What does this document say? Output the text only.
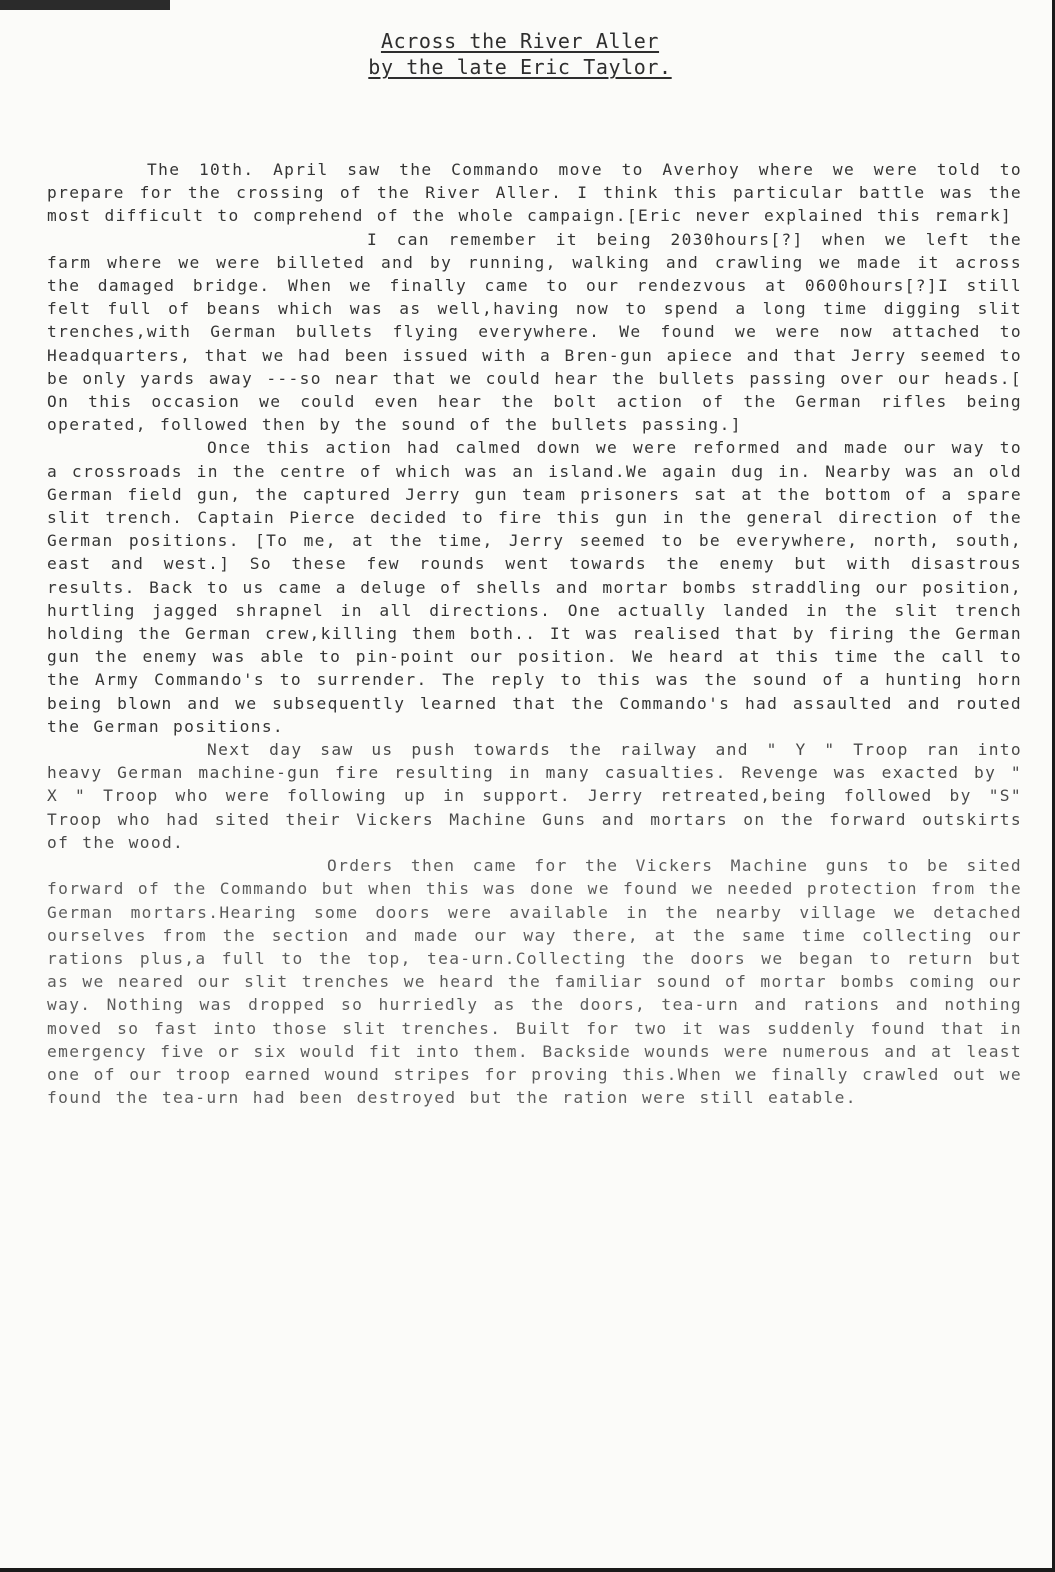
Across the River Aller
by the late Eric Taylor.

The 10th. April saw the Commando move to Averhoy where we were told to prepare for the crossing of the River Aller. I think this particular battle was the most difficult to comprehend of the whole campaign.[Eric never explained this remark]

I can remember it being 2030hours[?] when we left the farm where we were billeted and by running, walking and crawling we made it across the damaged bridge. When we finally came to our rendezvous at 0600hours[?]I still felt full of beans which was as well,having now to spend a long time digging slit trenches,with German bullets flying everywhere. We found we were now attached to Headquarters, that we had been issued with a Bren-gun apiece and that Jerry seemed to be only yards away ---so near that we could hear the bullets passing over our heads.[ On this occasion we could even hear the bolt action of the German rifles being operated, followed then by the sound of the bullets passing.]

Once this action had calmed down we were reformed and made our way to a crossroads in the centre of which was an island.We again dug in. Nearby was an old German field gun, the captured Jerry gun team prisoners sat at the bottom of a spare slit trench. Captain Pierce decided to fire this gun in the general direction of the German positions. [To me, at the time, Jerry seemed to be everywhere, north, south, east and west.] So these few rounds went towards the enemy but with disastrous results. Back to us came a deluge of shells and mortar bombs straddling our position, hurtling jagged shrapnel in all directions. One actually landed in the slit trench holding the German crew,killing them both.. It was realised that by firing the German gun the enemy was able to pin-point our position. We heard at this time the call to the Army Commando's to surrender. The reply to this was the sound of a hunting horn being blown and we subsequently learned that the Commando's had assaulted and routed the German positions.

Next day saw us push towards the railway and " Y " Troop ran into heavy German machine-gun fire resulting in many casualties. Revenge was exacted by " X " Troop who were following up in support. Jerry retreated,being followed by "S" Troop who had sited their Vickers Machine Guns and mortars on the forward outskirts of the wood.

Orders then came for the Vickers Machine guns to be sited forward of the Commando but when this was done we found we needed protection from the German mortars.Hearing some doors were available in the nearby village we detached ourselves from the section and made our way there, at the same time collecting our rations plus,a full to the top, tea-urn.Collecting the doors we began to return but as we neared our slit trenches we heard the familiar sound of mortar bombs coming our way. Nothing was dropped so hurriedly as the doors, tea-urn and rations and nothing moved so fast into those slit trenches. Built for two it was suddenly found that in emergency five or six would fit into them. Backside wounds were numerous and at least one of our troop earned wound stripes for proving this.When we finally crawled out we found the tea-urn had been destroyed but the ration were still eatable.
